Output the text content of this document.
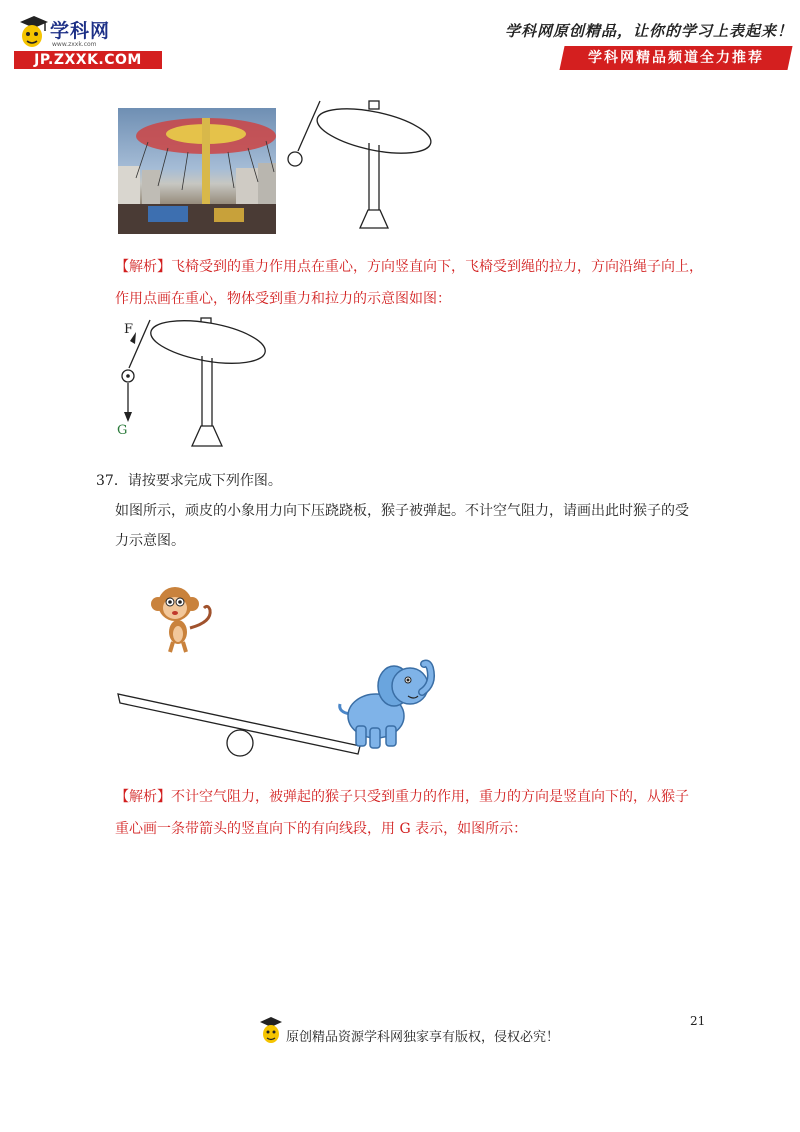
学科网
www.zxxk.com
JP.ZXXK.COM
学科网原创精品，让你的学习上表起来！
学科网精品频道全力推荐
【解析】飞椅受到的重力作用点在重心，方向竖直向下，飞椅受到绳的拉力，方向沿绳子向上，
作用点画在重心，物体受到重力和拉力的示意图如图：
F
G
37．请按要求完成下列作图。
如图所示，顽皮的小象用力向下压跷跷板，猴子被弹起。不计空气阻力，请画出此时猴子的受
力示意图。
【解析】不计空气阻力，被弹起的猴子只受到重力的作用，重力的方向是竖直向下的，从猴子
重心画一条带箭头的竖直向下的有向线段，用 G 表示，如图所示：
21
原创精品资源学科网独家享有版权，侵权必究！
